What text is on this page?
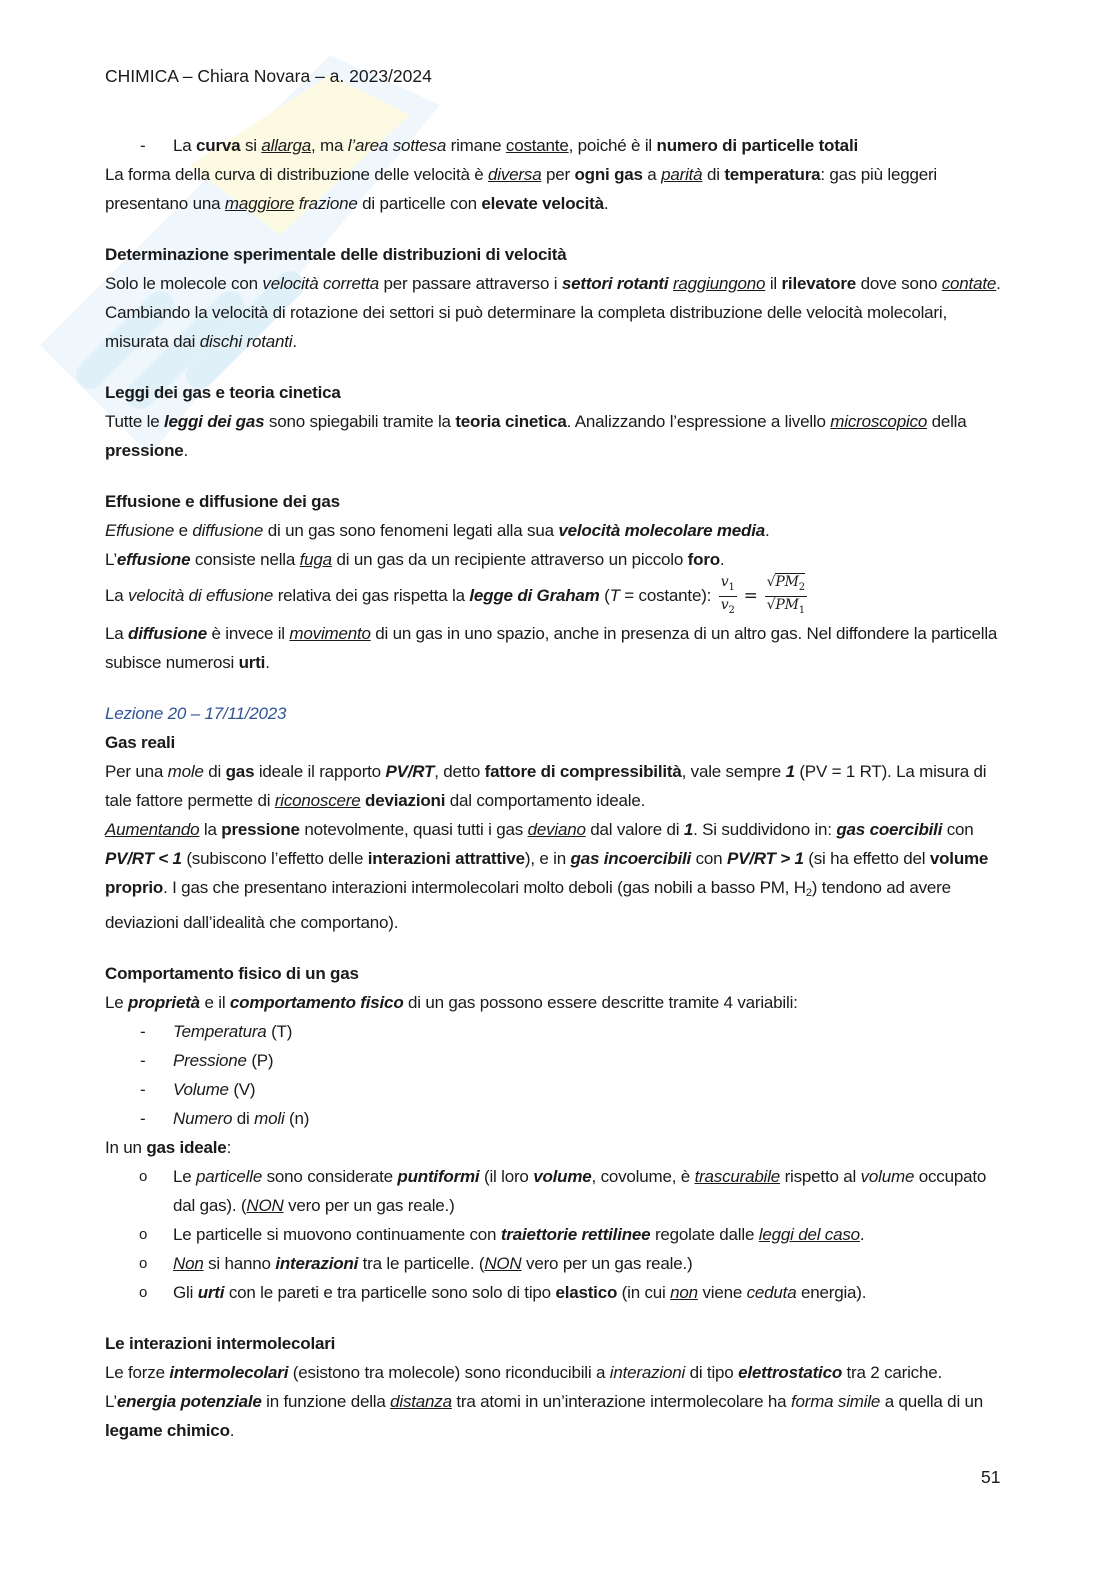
CHIMICA – Chiara Novara – a. 2023/2024
- La curva si allarga, ma l’area sottesa rimane costante, poiché è il numero di particelle totali
La forma della curva di distribuzione delle velocità è diversa per ogni gas a parità di temperatura: gas più leggeri presentano una maggiore frazione di particelle con elevate velocità.
Determinazione sperimentale delle distribuzioni di velocità
Solo le molecole con velocità corretta per passare attraverso i settori rotanti raggiungono il rilevatore dove sono contate. Cambiando la velocità di rotazione dei settori si può determinare la completa distribuzione delle velocità molecolari, misurata dai dischi rotanti.
Leggi dei gas e teoria cinetica
Tutte le leggi dei gas sono spiegabili tramite la teoria cinetica. Analizzando l’espressione a livello microscopico della pressione.
Effusione e diffusione dei gas
Effusione e diffusione di un gas sono fenomeni legati alla sua velocità molecolare media.
L’effusione consiste nella fuga di un gas da un recipiente attraverso un piccolo foro.
La velocità di effusione relativa dei gas rispetta la legge di Graham (T = costante): $\frac{v_1}{v_2} = \frac{√PM_2}{√PM_1}$
La diffusione è invece il movimento di un gas in uno spazio, anche in presenza di un altro gas. Nel diffondere la particella subisce numerosi urti.
Lezione 20 – 17/11/2023
Gas reali
Per una mole di gas ideale il rapporto PV/RT, detto fattore di compressibilità, vale sempre 1 (PV = 1 RT). La misura di tale fattore permette di riconoscere deviazioni dal comportamento ideale.
Aumentando la pressione notevolmente, quasi tutti i gas deviano dal valore di 1. Si suddividono in: gas coercibili con PV/RT < 1 (subiscono l’effetto delle interazioni attrattive), e in gas incoercibili con PV/RT > 1 (si ha effetto del volume proprio. I gas che presentano interazioni intermolecolari molto deboli (gas nobili a basso PM, $H_2$) tendono ad avere deviazioni dall’idealità che comportano).
Comportamento fisico di un gas
Le proprietà e il comportamento fisico di un gas possono essere descritte tramite 4 variabili:
- Temperatura (T)
- Pressione (P)
- Volume (V)
- Numero di moli (n)
In un gas ideale:
o Le particelle sono considerate puntiformi (il loro volume, covolume, è trascurabile rispetto al volume occupato dal gas). (NON vero per un gas reale.)
o Le particelle si muovono continuamente con traiettorie rettilinee regolate dalle leggi del caso.
o Non si hanno interazioni tra le particelle. (NON vero per un gas reale.)
o Gli urti con le pareti e tra particelle sono solo di tipo elastico (in cui non viene ceduta energia).
Le interazioni intermolecolari
Le forze intermolecolari (esistono tra molecole) sono riconducibili a interazioni di tipo elettrostatico tra 2 cariche.
L’energia potenziale in funzione della distanza tra atomi in un’interazione intermolecolare ha forma simile a quella di un legame chimico.
51
